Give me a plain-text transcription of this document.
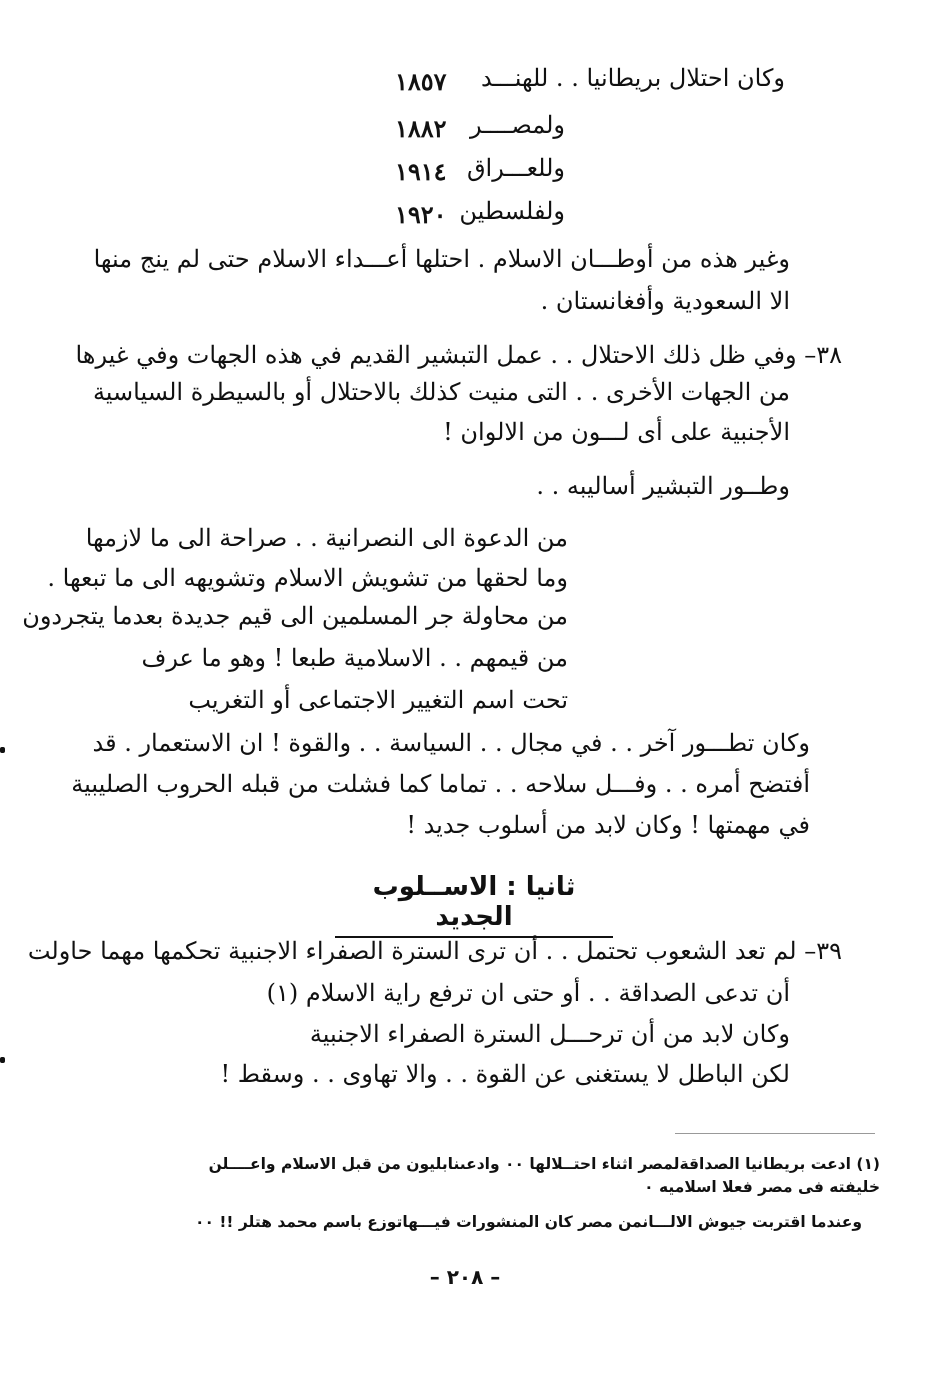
وكان احتلال بريطانيا . . للهنـــد
١٨٥٧
ولمصــــر
١٨٨٢
وللعـــراق
١٩١٤
ولفلسطين
١٩٢٠
وغير هذه من أوطـــان الاسلام . احتلها أعـــداء الاسلام حتى لم ينج منها
الا السعودية وأفغانستان .
٣٨– وفي ظل ذلك الاحتلال . . عمل التبشير القديم في هذه الجهات وفي غيرها
من الجهات الأخرى . . التى منيت كذلك بالاحتلال أو بالسيطرة السياسية
الأجنبية على أى لـــون من الالوان !
وطــور التبشير أساليبه . .
من الدعوة الى النصرانية . . صراحة الى ما لازمها
وما لحقها من تشويش الاسلام وتشويهه الى ما تبعها .
من محاولة جر المسلمين الى قيم جديدة بعدما يتجردون
من قيمهم . . الاسلامية طبعا ! وهو ما عرف
تحت اسم التغيير الاجتماعى أو التغريب
وكان تطـــور آخر . . في مجال . . السياسة . . والقوة ! ان الاستعمار . قد
أفتضح أمره . . وفـــل سلاحه . . تماما كما فشلت من قبله الحروب الصليبية
في مهمتها ! وكان لابد من أسلوب جديد !
ثانيا : الاســلوب الجديد
٣٩– لم تعد الشعوب تحتمل . . أن ترى السترة الصفراء الاجنبية تحكمها مهما حاولت
أن تدعى الصداقة . . أو حتى ان ترفع راية الاسلام (١)
وكان لابد من أن ترحـــل السترة الصفراء الاجنبية
لكن الباطل لا يستغنى عن القوة . . والا تهاوى . . وسقط !
(١) ادعت بريطانيا الصداقةلمصر اثناء احتــلالها ٠٠ وادعىنابليون من قبل الاسلام واعــــلن
خليفته فى مصر فعلا اسلاميه ٠
وعندما اقتربت جيوش الالـــانمن مصر كان المنشورات فيـــهاتوزع باسم محمد هتلر !! ٠٠
– ٢٠٨ –
